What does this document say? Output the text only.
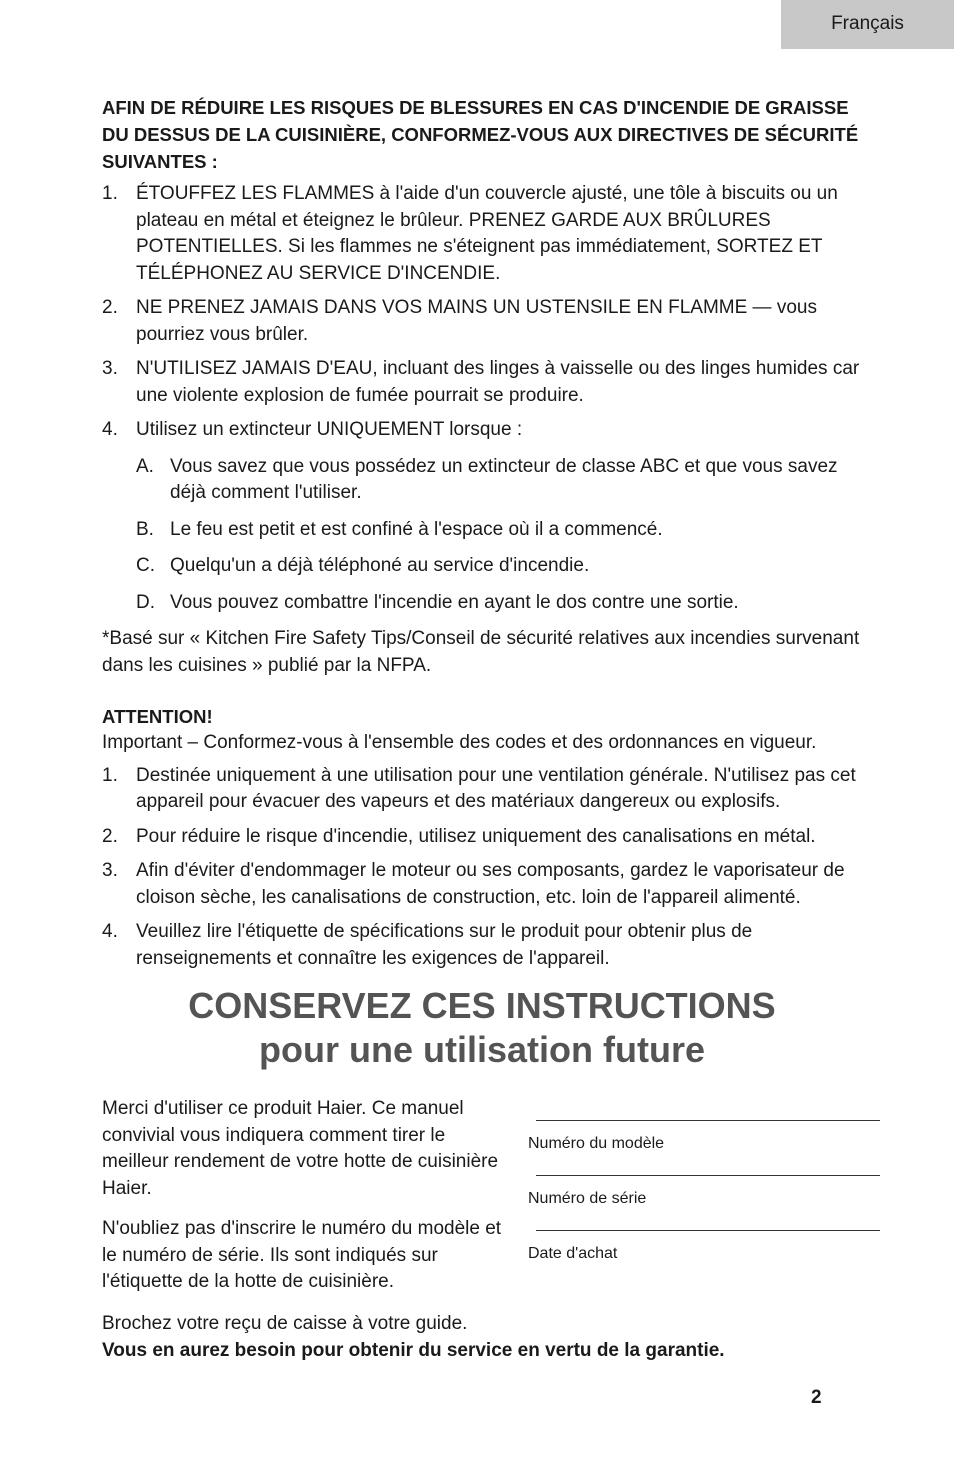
Français
AFIN DE RÉDUIRE LES RISQUES DE BLESSURES EN CAS D'INCENDIE DE GRAISSE DU DESSUS DE LA CUISINIÈRE, CONFORMEZ-VOUS AUX DIRECTIVES DE SÉCURITÉ SUIVANTES :
1. ÉTOUFFEZ LES FLAMMES à l'aide d'un couvercle ajusté, une tôle à biscuits ou un plateau en métal et éteignez le brûleur. PRENEZ GARDE AUX BRÛLURES POTENTIELLES. Si les flammes ne s'éteignent pas immédiatement, SORTEZ ET TÉLÉPHONEZ AU SERVICE D'INCENDIE.
2. NE PRENEZ JAMAIS DANS VOS MAINS UN USTENSILE EN FLAMME — vous pourriez vous brûler.
3. N'UTILISEZ JAMAIS D'EAU, incluant des linges à vaisselle ou des linges humides car une violente explosion de fumée pourrait se produire.
4. Utilisez un extincteur UNIQUEMENT lorsque :
A. Vous savez que vous possédez un extincteur de classe ABC et que vous savez déjà comment l'utiliser.
B. Le feu est petit et est confiné à l'espace où il a commencé.
C. Quelqu'un a déjà téléphoné au service d'incendie.
D. Vous pouvez combattre l'incendie en ayant le dos contre une sortie.
*Basé sur « Kitchen Fire Safety Tips/Conseil de sécurité relatives aux incendies survenant dans les cuisines » publié par la NFPA.
ATTENTION!
Important – Conformez-vous à l'ensemble des codes et des ordonnances en vigueur.
1. Destinée uniquement à une utilisation pour une ventilation générale. N'utilisez pas cet appareil pour évacuer des vapeurs et des matériaux dangereux ou explosifs.
2. Pour réduire le risque d'incendie, utilisez uniquement des canalisations en métal.
3. Afin d'éviter d'endommager le moteur ou ses composants, gardez le vaporisateur de cloison sèche, les canalisations de construction, etc. loin de l'appareil alimenté.
4. Veuillez lire l'étiquette de spécifications sur le produit pour obtenir plus de renseignements et connaître les exigences de l'appareil.
CONSERVEZ CES INSTRUCTIONS
pour une utilisation future

Merci d'utiliser ce produit Haier. Ce manuel convivial vous indiquera comment tirer le meilleur rendement de votre hotte de cuisinière Haier.

N'oubliez pas d'inscrire le numéro du modèle et le numéro de série. Ils sont indiqués sur l'étiquette de la hotte de cuisinière.

Numéro du modèle
Numéro de série
Date d'achat
Brochez votre reçu de caisse à votre guide.
Vous en aurez besoin pour obtenir du service en vertu de la garantie.
2
